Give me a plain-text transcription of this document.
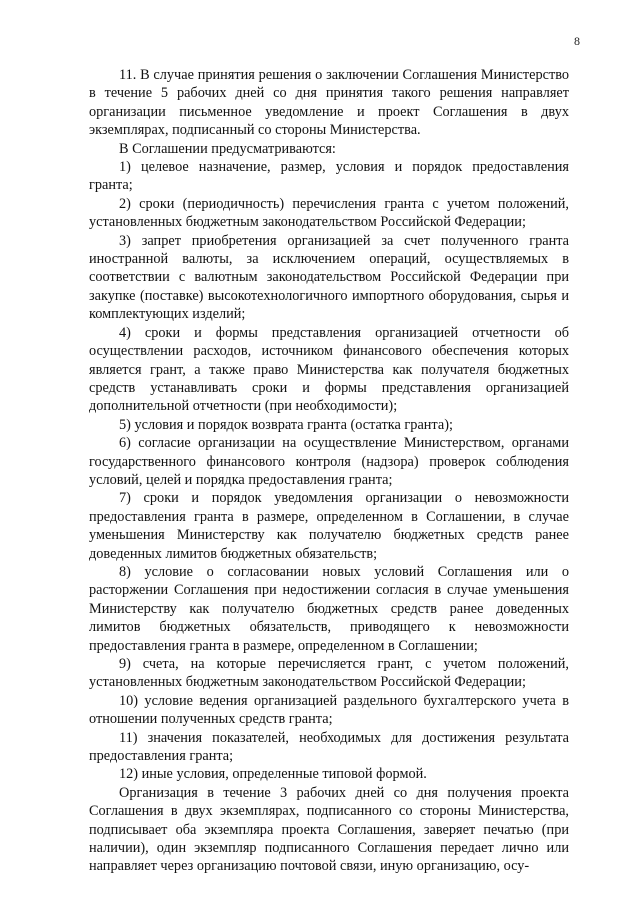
8

11. В случае принятия решения о заключении Соглашения Министерство в течение 5 рабочих дней со дня принятия такого решения направляет организации письменное уведомление и проект Соглашения в двух экземплярах, подписанный со стороны Министерства.

В Соглашении предусматриваются:

1) целевое назначение, размер, условия и порядок предоставления гранта;

2) сроки (периодичность) перечисления гранта с учетом положений, установленных бюджетным законодательством Российской Федерации;

3) запрет приобретения организацией за счет полученного гранта иностранной валюты, за исключением операций, осуществляемых в соответствии с валютным законодательством Российской Федерации при закупке (поставке) высокотехнологичного импортного оборудования, сырья и комплектующих изделий;

4) сроки и формы представления организацией отчетности об осуществлении расходов, источником финансового обеспечения которых является грант, а также право Министерства как получателя бюджетных средств устанавливать сроки и формы представления организацией дополнительной отчетности (при необходимости);

5) условия и порядок возврата гранта (остатка гранта);

6) согласие организации на осуществление Министерством, органами государственного финансового контроля (надзора) проверок соблюдения условий, целей и порядка предоставления гранта;

7) сроки и порядок уведомления организации о невозможности предоставления гранта в размере, определенном в Соглашении, в случае уменьшения Министерству как получателю бюджетных средств ранее доведенных лимитов бюджетных обязательств;

8) условие о согласовании новых условий Соглашения или о расторжении Соглашения при недостижении согласия в случае уменьшения Министерству как получателю бюджетных средств ранее доведенных лимитов бюджетных обязательств, приводящего к невозможности предоставления гранта в размере, определенном в Соглашении;

9) счета, на которые перечисляется грант, с учетом положений, установленных бюджетным законодательством Российской Федерации;

10) условие ведения организацией раздельного бухгалтерского учета в отношении полученных средств гранта;

11) значения показателей, необходимых для достижения результата предоставления гранта;

12) иные условия, определенные типовой формой.

Организация в течение 3 рабочих дней со дня получения проекта Соглашения в двух экземплярах, подписанного со стороны Министерства, подписывает оба экземпляра проекта Соглашения, заверяет печатью (при наличии), один экземпляр подписанного Соглашения передает лично или направляет через организацию почтовой связи, иную организацию, осу-
